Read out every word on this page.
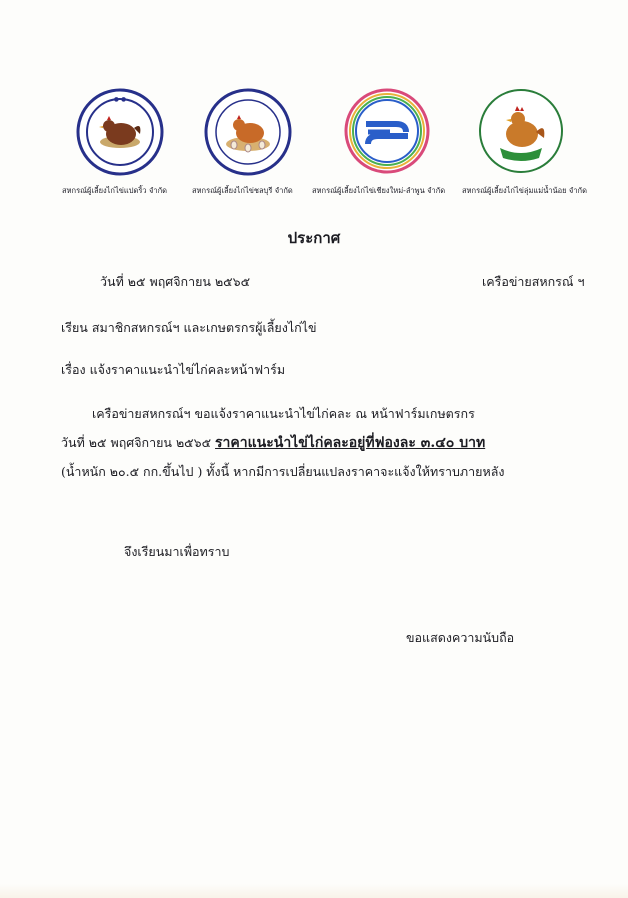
● ●
สหกรณ์ผู้เลี้ยงไก่ไข่แปดริ้ว จำกัด	สหกรณ์ผู้เลี้ยงไก่ไข่ชลบุรี จำกัด	สหกรณ์ผู้เลี้ยงไก่ไข่เชียงใหม่-ลำพูน จำกัด สหกรณ์ผู้เลี้ยงไก่ไข่ลุ่มแม่น้ำน้อย จำกัด
ประกาศ
วันที่ ๒๕ พฤศจิกายน ๒๕๖๕	เครือข่ายสหกรณ์ ฯ
เรียน สมาชิกสหกรณ์ฯ และเกษตรกรผู้เลี้ยงไก่ไข่
เรื่อง แจ้งราคาแนะนำไข่ไก่คละหน้าฟาร์ม
เครือข่ายสหกรณ์ฯ ขอแจ้งราคาแนะนำไข่ไก่คละ ณ หน้าฟาร์มเกษตรกร
วันที่ ๒๕ พฤศจิกายน ๒๕๖๕ ราคาแนะนำไข่ไก่คละอยู่ที่ฟองละ ๓.๔๐ บาท
(น้ำหนัก ๒๐.๕ กก.ขึ้นไป ) ทั้งนี้ หากมีการเปลี่ยนแปลงราคาจะแจ้งให้ทราบภายหลัง
จึงเรียนมาเพื่อทราบ
ขอแสดงความนับถือ
